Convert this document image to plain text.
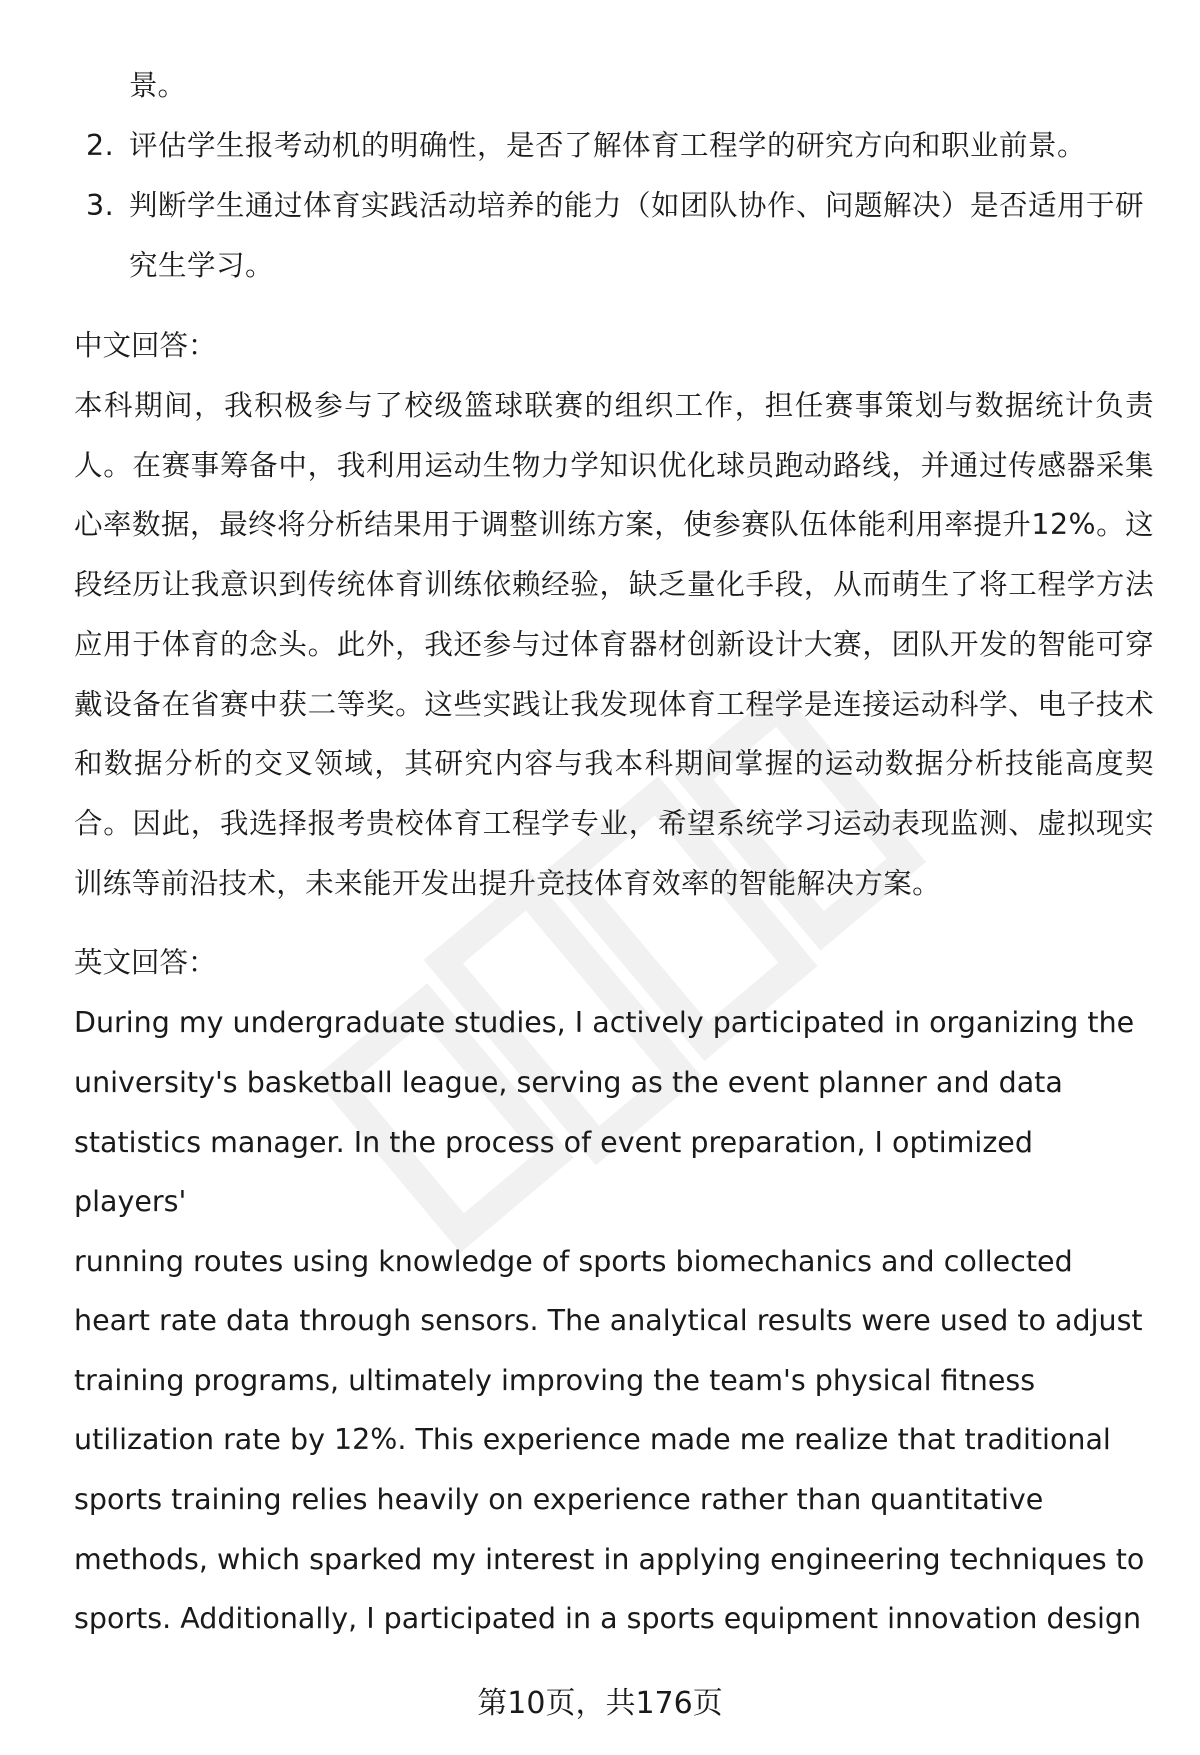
景。
2. 评估学生报考动机的明确性，是否了解体育工程学的研究方向和职业前景。
3. 判断学生通过体育实践活动培养的能力（如团队协作、问题解决）是否适用于研究生学习。
中文回答：
本科期间，我积极参与了校级篮球联赛的组织工作，担任赛事策划与数据统计负责人。在赛事筹备中，我利用运动生物力学知识优化球员跑动路线，并通过传感器采集心率数据，最终将分析结果用于调整训练方案，使参赛队伍体能利用率提升12%。这段经历让我意识到传统体育训练依赖经验，缺乏量化手段，从而萌生了将工程学方法应用于体育的念头。此外，我还参与过体育器材创新设计大赛，团队开发的智能可穿戴设备在省赛中获二等奖。这些实践让我发现体育工程学是连接运动科学、电子技术和数据分析的交叉领域，其研究内容与我本科期间掌握的运动数据分析技能高度契合。因此，我选择报考贵校体育工程学专业，希望系统学习运动表现监测、虚拟现实训练等前沿技术，未来能开发出提升竞技体育效率的智能解决方案。
英文回答：
During my undergraduate studies, I actively participated in organizing the
university's basketball league, serving as the event planner and data
statistics manager. In the process of event preparation, I optimized players'
running routes using knowledge of sports biomechanics and collected
heart rate data through sensors. The analytical results were used to adjust
training programs, ultimately improving the team's physical fitness
utilization rate by 12%. This experience made me realize that traditional
sports training relies heavily on experience rather than quantitative
methods, which sparked my interest in applying engineering techniques to
sports. Additionally, I participated in a sports equipment innovation design
第10页，共176页
